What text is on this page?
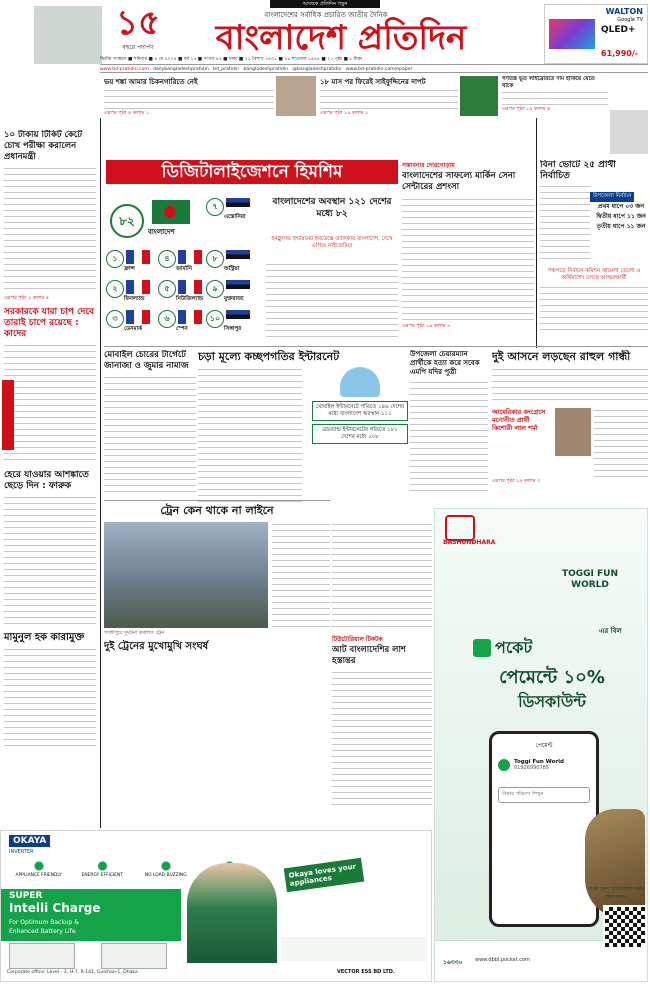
১৫
বছরে পদার্পণ
আজকে প্রতিদিন পড়ুন
বাংলাদেশের সর্বাধিক প্রচারিত জাতীয় দৈনিক
বাংলাদেশ প্রতিদিন
WALTON
Google TV
QLED+
61,990/-
দ্বিতীয় সংস্করণ ■ শনিবার ■ ৪ মে ২০২৪ ■ বর্ষ ১৫ ■ সংখ্যা ৪৪ ■ ঢাকা ■ ২১ বৈশাখ ১৪৩১ ■ ২৪ শাওয়াল ১৪৪৫ ■ ২১ পৃষ্ঠা ■ ৮ টাকা
www.bd-pratidin.com dailybangladeshpratidin bd_pratidin bangladeshpratidin @bangladeshpratidin www.bd-pratidin.com/epaper
ভয় শঙ্কা আমার চিকনগারিতে নেই
এরপর পৃষ্ঠা ৪ কলাম ১
১৮ মাস পর ফিরেই সাইফুদ্দিনের দাপট
এরপর পৃষ্ঠা ১৯ কলাম ১
গণতন্ত্র ভূত লাইব্রেরিতে দাম হাঁকিয়ে যেতে থাকে
এরপর পৃষ্ঠা ১৯ কলাম ৪
১০ টাকায় টিকিট কেটে চোখ পরীক্ষা করালেন প্রধানমন্ত্রী
এরপর পৃষ্ঠা ২ কলাম ৫
সরকারকে যারা চাপ দেবে তারাই চাপে রয়েছে : কাদের
হেরে যাওয়ার আশঙ্কাতে ছেড়ে দিন : ফারুক
মামুনুল হক কারামুক্ত
ডিজিটালাইজেশনে হিমশিম
৮২
বাংলাদেশ
১
ফ্রান্স
৪
জার্মানি
২
ফিনল্যান্ড
৫
নিউজিল্যান্ড
৩
ডেনমার্ক
৬
স্পেন
৭
এস্তোনিয়া
৮
অস্ট্রিয়া
৯
যুক্তরাজ্য
১০
সিঙ্গাপুর
বাংলাদেশের অবস্থান ১২১ দেশের মধ্যে ৮২
ইনক্লুসিভ ইন্টারনেট ইনডেক্সে তালিকায় বাংলাদেশ, দেখে এগিয়ে নাইজেরিয়া
সম্ভাবনার দোরগোড়ায়
বাংলাদেশের সাফল্যে মার্কিন সেনা সেন্টারের প্রশংসা
এরপর পৃষ্ঠা ১৯ কলাম ২
বিনা ভোটে ২৫ প্রার্থী নির্বাচিত
উপজেলা নির্বাচন
প্রথম ধাপে ০৩ জন
দ্বিতীয় ধাপে ১১ জন
তৃতীয় ধাপে ১১ জন
পঞ্চগড়ে নির্বাচন কমিশন ঝামেলা তেলো ও অর্থিমাশেদ চলছে আত্মরক্ষার্থী
মোবাইল চোরের টার্গেটে জানাজা ও জুমার নামাজ
চড়া মূল্যে কচ্ছপগতির ইন্টারনেট
মোবাইল ইন্টারনেটে গতিতে ১৪৬ দেশের মধ্যে বাংলাদেশ অবস্থান ১১১
ব্রডব্যান্ড ইন্টারনেটের গতিতে ১৮১ দেশের মধ্যে ১০৮
উপজেলা চেয়ারম্যান প্রার্থীকে হত্যা করে সবেক এমপি যদির পুত্রী
দুই আসনে লড়ছেন রাহুল গান্ধী
আমেরিকার কংগ্রেসে মনোনীত প্রার্থী কিশোরী লাল শর্মা
এরপর পৃষ্ঠা ১৯ কলাম ৩
ট্রেন কেন থাকে না লাইনে
গাজীপুরে দুর্ঘটনা কবলিত ট্রেন
দুই ট্রেনের মুখোমুখি সংঘর্ষ
টিউটোরিয়াল টিকটক
আট বাংলাদেশির লাশ হস্তান্তর
BASHUNDHARA
TOGGI FUN WORLD
এর বিল
পকেট
পেমেন্টে ১০%
ডিসকাউন্ট
পেমেন্ট
Toggi Fun World
01926990785
টাকার পরিমাণ লিখুন
১৬৩৩০	www.dbbl.pocket.com
পকেট অ্যাপ ডাউনলোড করতে স্ক্যান করুন
OKAYA
INVERTER
APPLIANCE FRIENDLY	ENERGY EFFICIENT	NO LOAD BUZZING	Okaya loves your appliances
SUPER
Intelli Charge
For Optimum Backup &
Enhanced Battery Life
Corporate office: Level - 3, H-7, R-141, Gulshan-1, Dhaka	VECTOR ESS BD LTD.
